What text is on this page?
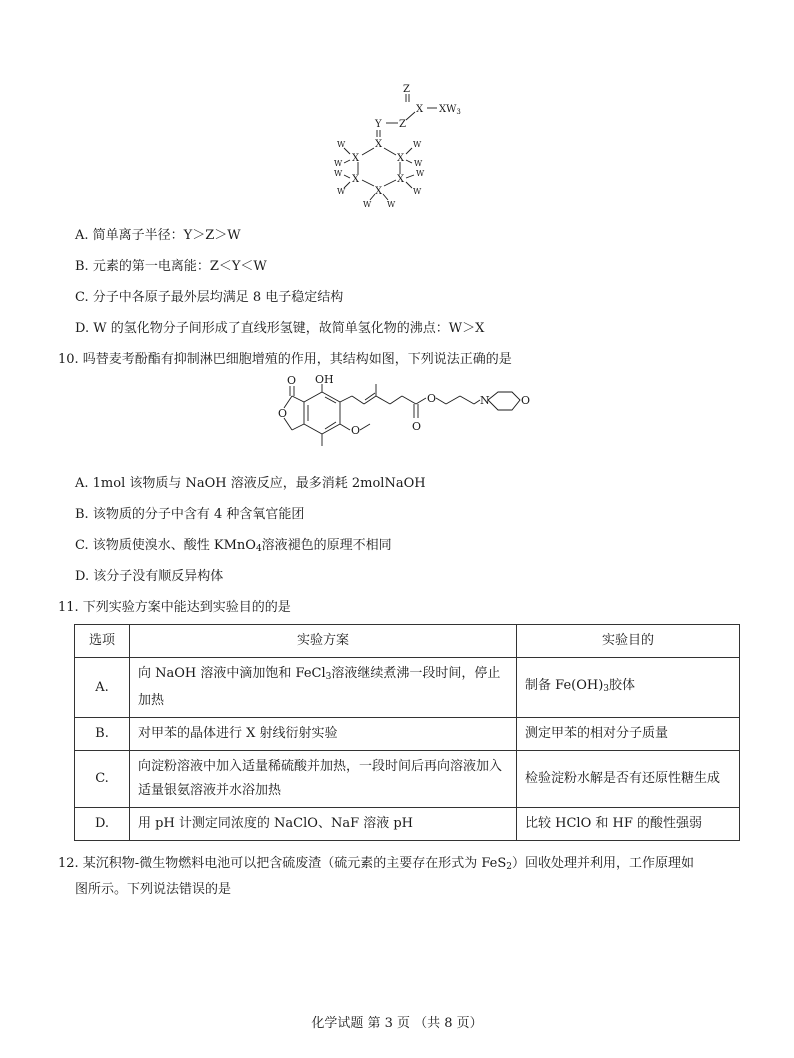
Z
X $XW_3$
Y Z
X
X	X
X	X
X
W
W
W
W
W
W
W
W
W W
A. 简单离子半径：Y＞Z＞W
B. 元素的第一电离能：Z＜Y＜W
C. 分子中各原子最外层均满足 8 电子稳定结构
D. W 的氢化物分子间形成了直线形氢键，故简单氢化物的沸点：W＞X
10. 吗替麦考酚酯有抑制淋巴细胞增殖的作用，其结构如图，下列说法正确的是
OH
O
O
O
O
O
N	O
A. 1mol 该物质与 NaOH 溶液反应，最多消耗 2molNaOH
B. 该物质的分子中含有 4 种含氧官能团
C. 该物质使溴水、酸性 KMnO$_4$溶液褪色的原理不相同
D. 该分子没有顺反异构体
11. 下列实验方案中能达到实验目的的是
选项	实验方案	实验目的
A.	向 NaOH 溶液中滴加饱和 FeCl$_3$溶液继续煮沸一段时间，停止加热	制备 $Fe(OH)_3$胶体
B.	对甲苯的晶体进行 X 射线衍射实验	测定甲苯的相对分子质量
C.	向淀粉溶液中加入适量稀硫酸并加热，一段时间后再向溶液加入适量银氨溶液并水浴加热	检验淀粉水解是否有还原性糖生成
D.	用 pH 计测定同浓度的 NaClO、NaF 溶液 pH	比较 HClO 和 HF 的酸性强弱
12. 某沉积物-微生物燃料电池可以把含硫废渣（硫元素的主要存在形式为 FeS$_2$）回收处理并利用，工作原理如
图所示。下列说法错误的是
化学试题 第 3 页 （共 8 页）
